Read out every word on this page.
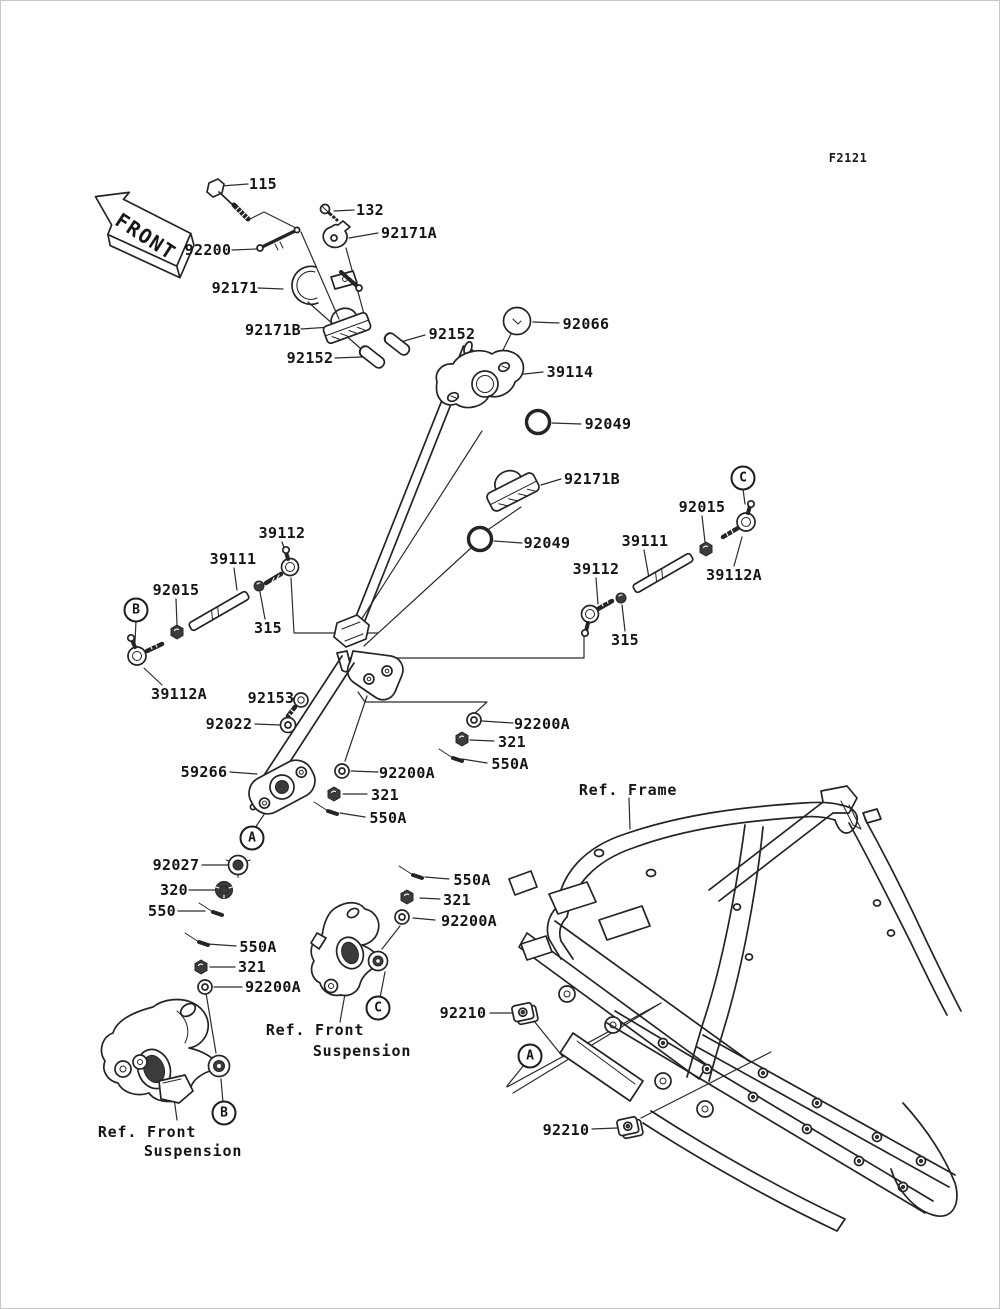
FRONT
F2121
115
132
92171A
92200
92171
92171B	92152
92152
92066
39114
92049
92171B
92049
39112
39111
92015
315
39112A
92015
39111
39112	39112A
315
92153
92022
59266
92200A
321
550A
92200A
321
550A
92027
320
550
550A
321
92200A
550A
321
92200A
92210
92210
Ref. Frame
Ref. Front
Suspension
Ref. Front
Suspension
B
C
A
C
B
A
